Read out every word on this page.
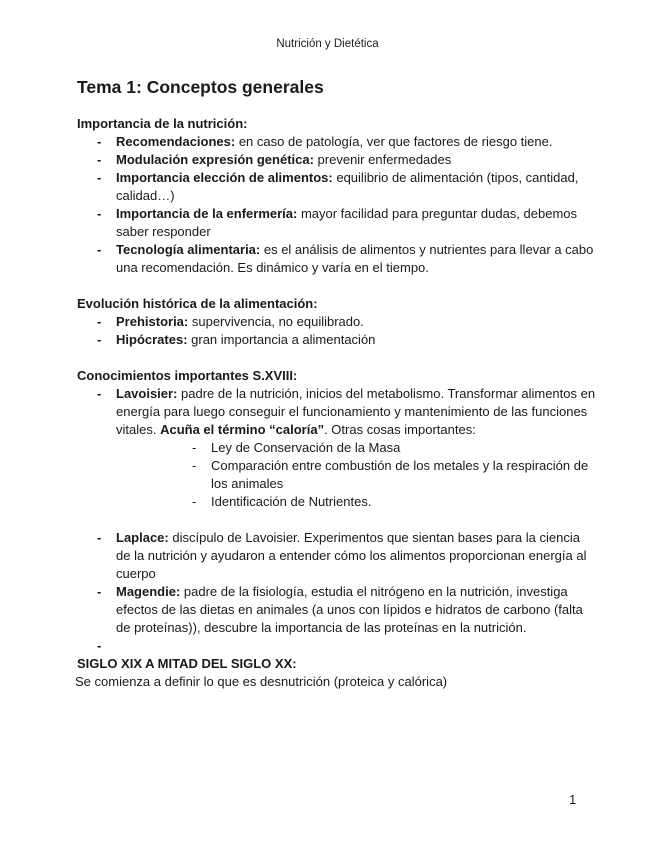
Nutrición y Dietética
Tema 1: Conceptos generales
Importancia de la nutrición:
- Recomendaciones: en caso de patología, ver que factores de riesgo tiene.
- Modulación expresión genética: prevenir enfermedades
- Importancia elección de alimentos: equilibrio de alimentación (tipos, cantidad, calidad…)
- Importancia de la enfermería: mayor facilidad para preguntar dudas, debemos saber responder
- Tecnología alimentaria: es el análisis de alimentos y nutrientes para llevar a cabo una recomendación. Es dinámico y varía en el tiempo.
Evolución histórica de la alimentación:
- Prehistoria: supervivencia, no equilibrado.
- Hipócrates: gran importancia a alimentación
Conocimientos importantes S.XVIII:
- Lavoisier: padre de la nutrición, inicios del metabolismo. Transformar alimentos en energía para luego conseguir el funcionamiento y mantenimiento de las funciones vitales. Acuña el término “caloría”. Otras cosas importantes:
- Ley de Conservación de la Masa
- Comparación entre combustión de los metales y la respiración de los animales
- Identificación de Nutrientes.
- Laplace: discípulo de Lavoisier. Experimentos que sientan bases para la ciencia de la nutrición y ayudaron a entender cómo los alimentos proporcionan energía al cuerpo
- Magendie: padre de la fisiología, estudia el nitrógeno en la nutrición, investiga efectos de las dietas en animales (a unos con lípidos e hidratos de carbono (falta de proteínas)), descubre la importancia de las proteínas en la nutrición.
-
SIGLO XIX A MITAD DEL SIGLO XX:
Se comienza a definir lo que es desnutrición (proteica y calórica)
1
